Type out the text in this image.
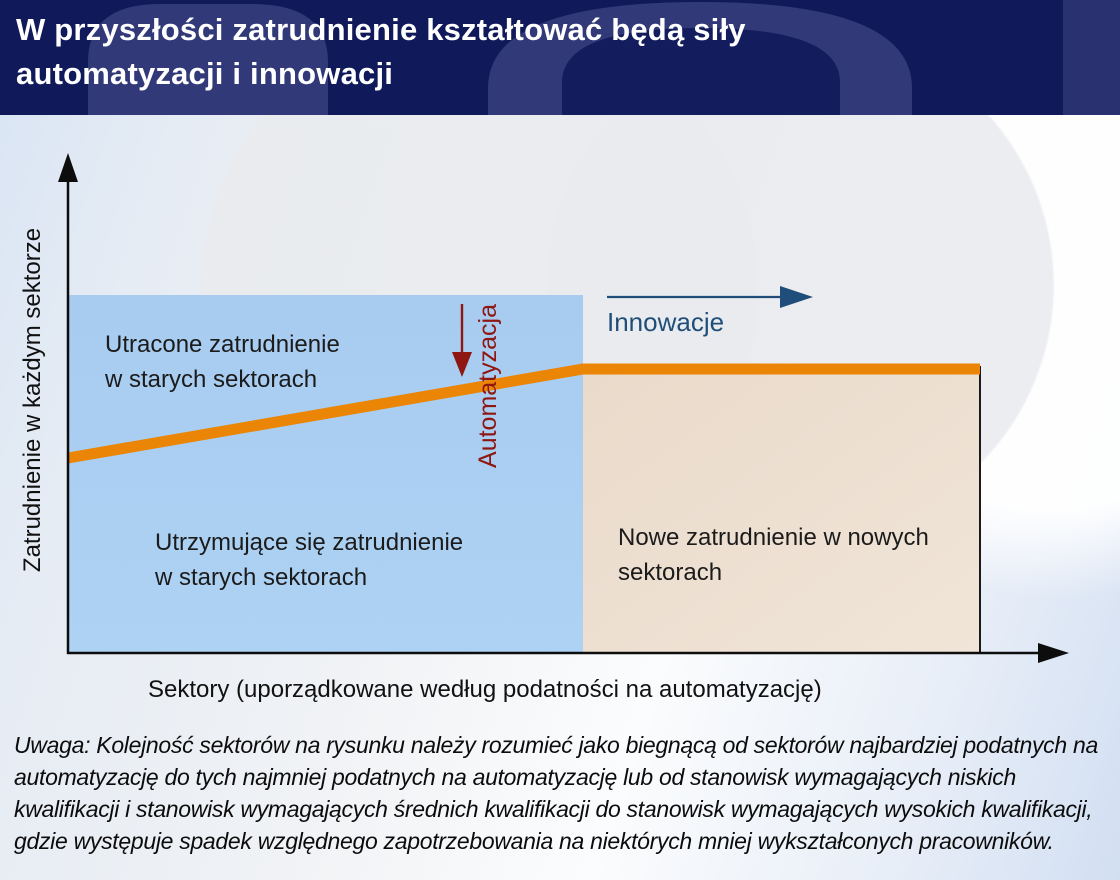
W przyszłości zatrudnienie kształtować będą siły
automatyzacji i innowacji
Innowacje
Automatyzacja
Utracone zatrudnienie
w starych sektorach
Utrzymujące się zatrudnienie
w starych sektorach
Nowe zatrudnienie w nowych
sektorach
Zatrudnienie w każdym sektorze
Sektory (uporządkowane według podatności na automatyzację)
Uwaga: Kolejność sektorów na rysunku należy rozumieć jako biegnącą od sektorów najbardziej podatnych na automatyzację do tych najmniej podatnych na automatyzację lub od stanowisk wymagających niskich kwalifikacji i stanowisk wymagających średnich kwalifikacji do stanowisk wymagających wysokich kwalifikacji, gdzie występuje spadek względnego zapotrzebowania na niektórych mniej wykształconych pracowników.
